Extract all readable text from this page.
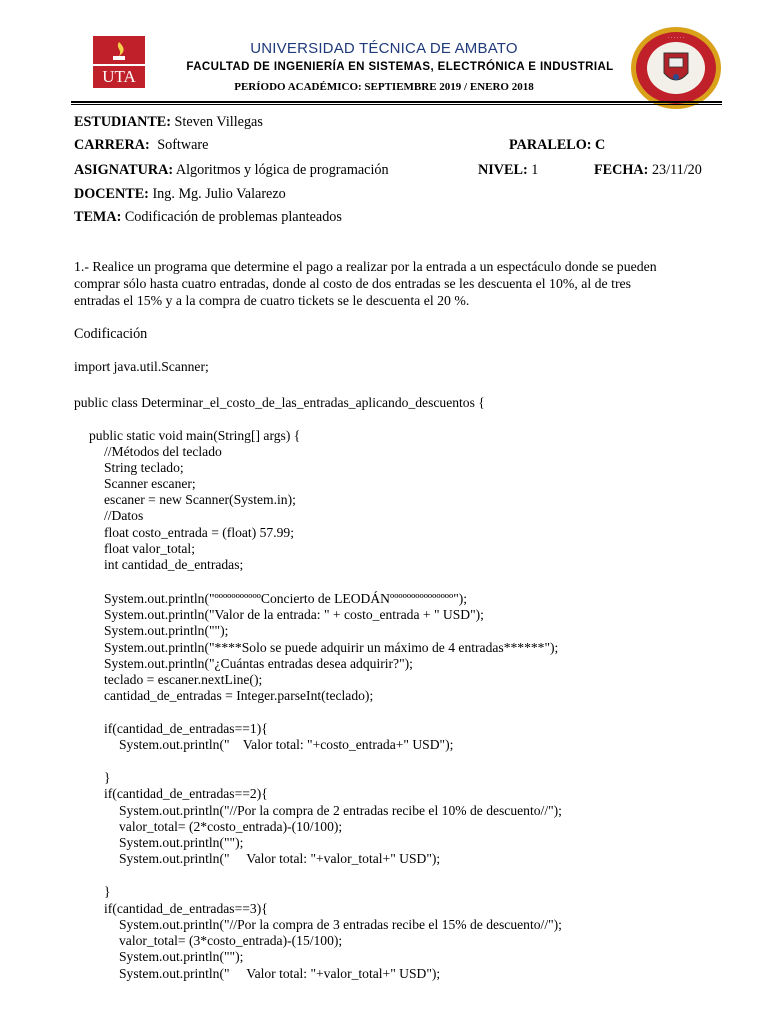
UTA
· · · · · ·
UNIVERSIDAD TÉCNICA DE AMBATO
FACULTAD DE INGENIERÍA EN SISTEMAS, ELECTRÓNICA E INDUSTRIAL
PERÍODO ACADÉMICO: SEPTIEMBRE 2019 / ENERO 2018
ESTUDIANTE: Steven Villegas
CARRERA: Software	PARALELO: C
ASIGNATURA: Algoritmos y lógica de programación	NIVEL: 1	FECHA: 23/11/20
DOCENTE: Ing. Mg. Julio Valarezo
TEMA: Codificación de problemas planteados
1.- Realice un programa que determine el pago a realizar por la entrada a un espectáculo donde se pueden
comprar sólo hasta cuatro entradas, donde al costo de dos entradas se les descuenta el 10%, al de tres
entradas el 15% y a la compra de cuatro tickets se le descuenta el 20 %.
Codificación
import java.util.Scanner;
public class Determinar_el_costo_de_las_entradas_aplicando_descuentos {
public static void main(String[] args) {
//Métodos del teclado
String teclado;
Scanner escaner;
escaner = new Scanner(System.in);
//Datos
float costo_entrada = (float) 57.99;
float valor_total;
int cantidad_de_entradas;
System.out.println("ºººººººººººConcierto de LEODÁNººººººººººººººº");
System.out.println("Valor de la entrada: " + costo_entrada + " USD");
System.out.println("");
System.out.println("****Solo se puede adquirir un máximo de 4 entradas******");
System.out.println("¿Cuántas entradas desea adquirir?");
teclado = escaner.nextLine();
cantidad_de_entradas = Integer.parseInt(teclado);
if(cantidad_de_entradas==1){
System.out.println("    Valor total: "+costo_entrada+" USD");
}
if(cantidad_de_entradas==2){
System.out.println("//Por la compra de 2 entradas recibe el 10% de descuento//");
valor_total= (2*costo_entrada)-(10/100);
System.out.println("");
System.out.println("     Valor total: "+valor_total+" USD");
}
if(cantidad_de_entradas==3){
System.out.println("//Por la compra de 3 entradas recibe el 15% de descuento//");
valor_total= (3*costo_entrada)-(15/100);
System.out.println("");
System.out.println("     Valor total: "+valor_total+" USD");
